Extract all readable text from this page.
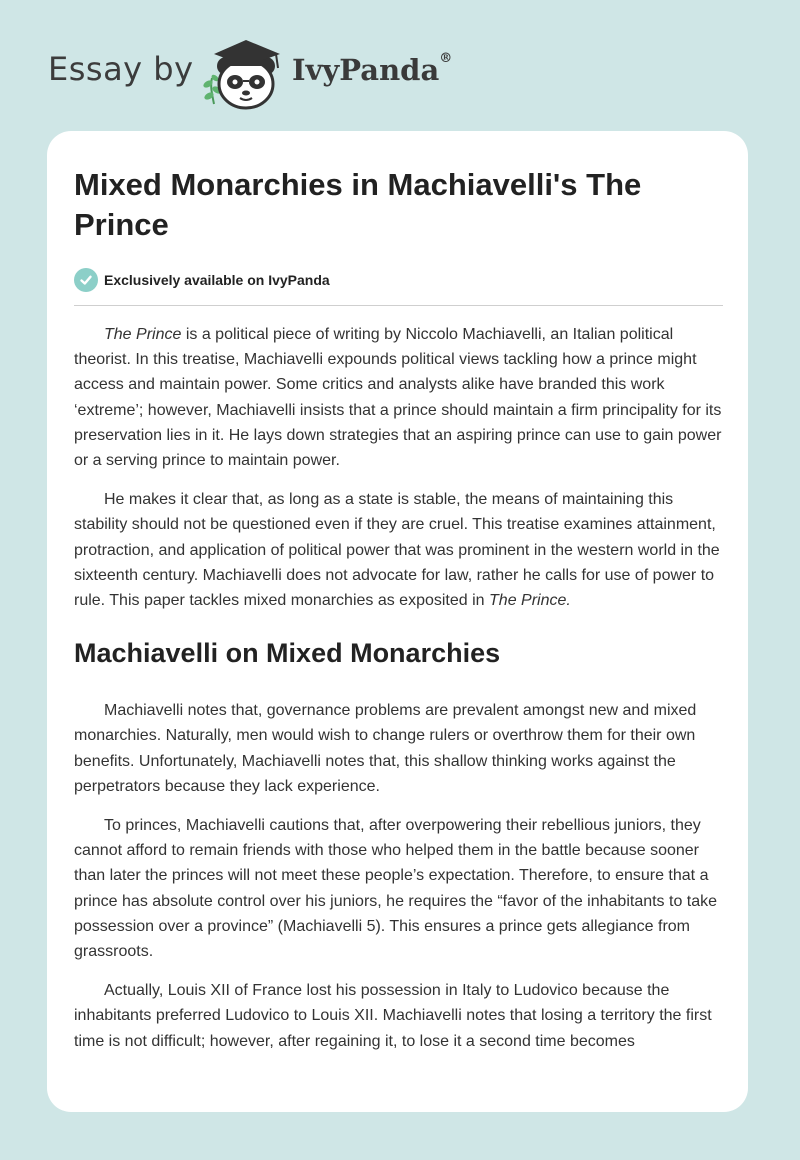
Essay by	IvyPanda®
Mixed Monarchies in Machiavelli's The Prince
Exclusively available on IvyPanda

The Prince is a political piece of writing by Niccolo Machiavelli, an Italian political theorist. In this treatise, Machiavelli expounds political views tackling how a prince might access and maintain power. Some critics and analysts alike have branded this work ‘extreme’; however, Machiavelli insists that a prince should maintain a firm principality for its preservation lies in it. He lays down strategies that an aspiring prince can use to gain power or a serving prince to maintain power.

He makes it clear that, as long as a state is stable, the means of maintaining this stability should not be questioned even if they are cruel. This treatise examines attainment, protraction, and application of political power that was prominent in the western world in the sixteenth century. Machiavelli does not advocate for law, rather he calls for use of power to rule. This paper tackles mixed monarchies as exposited in The Prince.

Machiavelli on Mixed Monarchies

Machiavelli notes that, governance problems are prevalent amongst new and mixed monarchies. Naturally, men would wish to change rulers or overthrow them for their own benefits. Unfortunately, Machiavelli notes that, this shallow thinking works against the perpetrators because they lack experience.

To princes, Machiavelli cautions that, after overpowering their rebellious juniors, they cannot afford to remain friends with those who helped them in the battle because sooner than later the princes will not meet these people’s expectation. Therefore, to ensure that a prince has absolute control over his juniors, he requires the “favor of the inhabitants to take possession over a province” (Machiavelli 5). This ensures a prince gets allegiance from grassroots.

Actually, Louis XII of France lost his possession in Italy to Ludovico because the inhabitants preferred Ludovico to Louis XII. Machiavelli notes that losing a territory the first time is not difficult; however, after regaining it, to lose it a second time becomes
